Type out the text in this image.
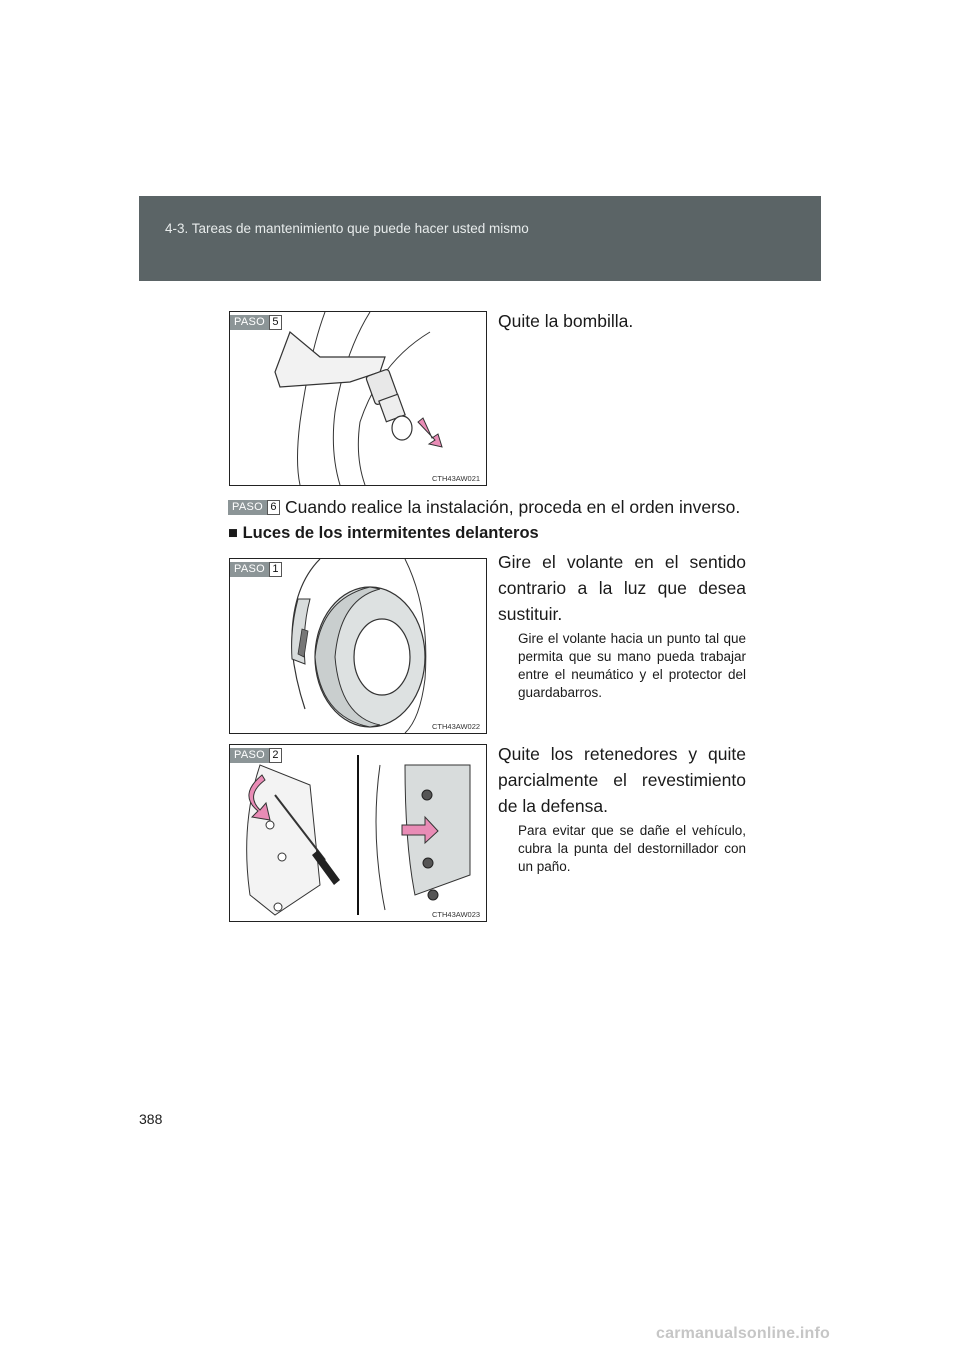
4-3. Tareas de mantenimiento que puede hacer usted mismo
PASO 5
CTH43AW021
Quite la bombilla.
PASO 6 Cuando realice la instalación, proceda en el orden inverso.
■ Luces de los intermitentes delanteros
PASO 1
CTH43AW022
Gire el volante en el sentido contrario a la luz que desea sustituir.
Gire el volante hacia un punto tal que permita que su mano pueda trabajar entre el neumático y el protector del guardabarros.
PASO 2
CTH43AW023
Quite los retenedores y quite parcialmente el revestimiento de la defensa.
Para evitar que se dañe el vehículo, cubra la punta del destornillador con un paño.
388
carmanualsonline.info
